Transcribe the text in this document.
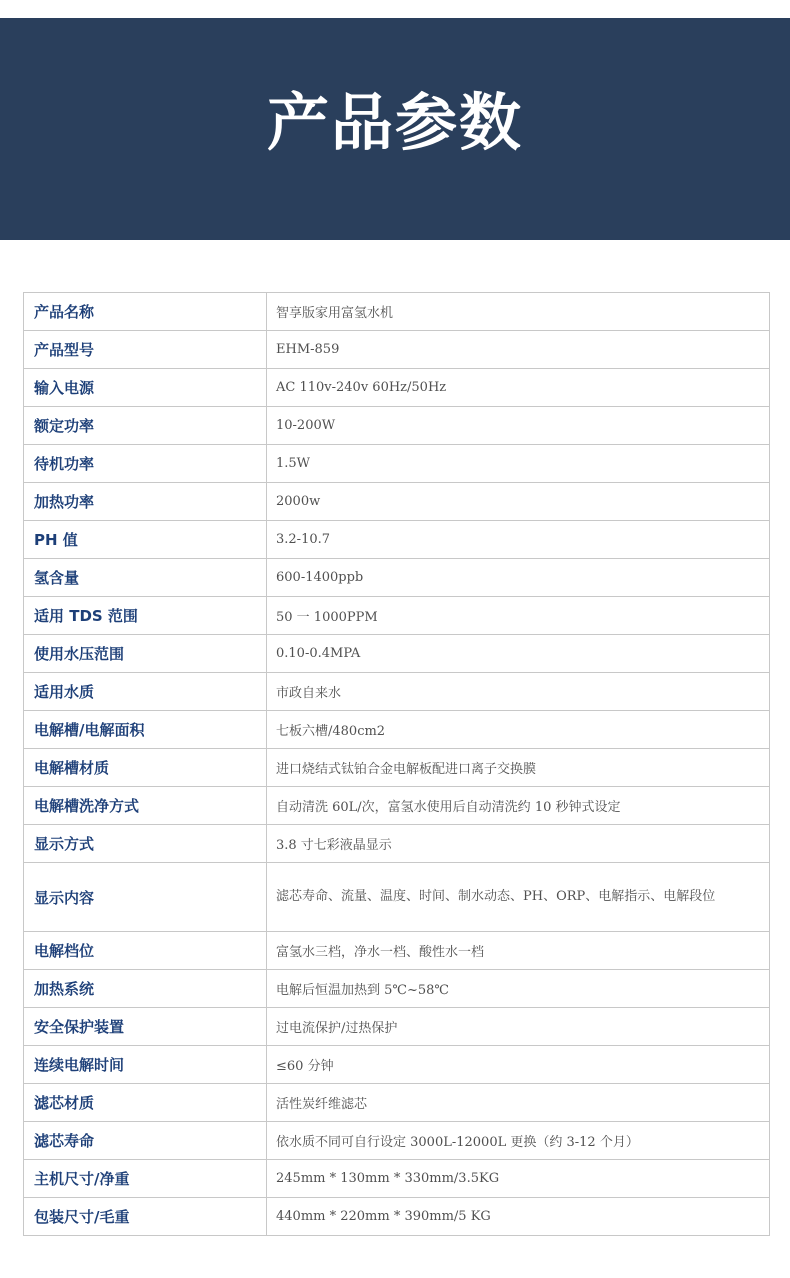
产品参数
产品名称	智享版家用富氢水机
产品型号	EHM-859
输入电源	AC 110v-240v 60Hz/50Hz
额定功率	10-200W
待机功率	1.5W
加热功率	2000w
PH 值	3.2-10.7
氢含量	600-1400ppb
适用 TDS 范围	50 一 1000PPM
使用水压范围	0.10-0.4MPA
适用水质	市政自来水
电解槽/电解面积	七板六槽/480cm2
电解槽材质	进口烧结式钛铂合金电解板配进口离子交换膜
电解槽洗净方式	自动清洗 60L/次，富氢水使用后自动清洗约 10 秒钟式设定
显示方式	3.8 寸七彩液晶显示
显示内容	滤芯寿命、流量、温度、时间、制水动态、PH、ORP、电解指示、电解段位
电解档位	富氢水三档，净水一档、酸性水一档
加热系统	电解后恒温加热到 5℃~58℃
安全保护装置	过电流保护/过热保护
连续电解时间	≤60 分钟
滤芯材质	活性炭纤维滤芯
滤芯寿命	依水质不同可自行设定 3000L-12000L 更换（约 3-12 个月）
主机尺寸/净重	245mm * 130mm * 330mm/3.5KG
包装尺寸/毛重	440mm * 220mm * 390mm/5 KG
